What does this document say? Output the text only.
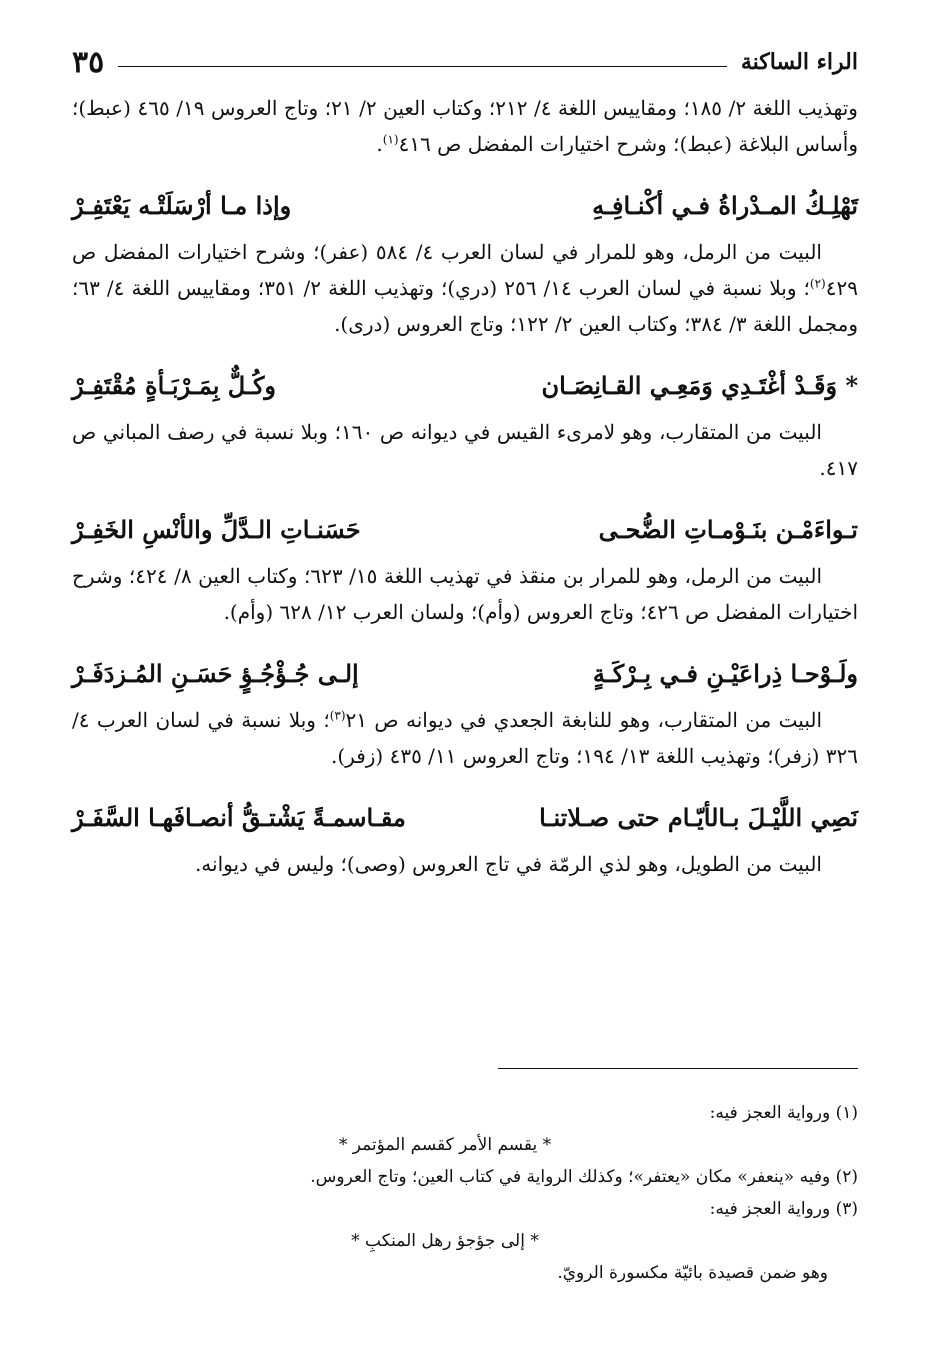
الراء الساكنة
٣٥

وتهذيب اللغة ٢/ ١٨٥؛ ومقاييس اللغة ٤/ ٢١٢؛ وكتاب العين ٢/ ٢١؛ وتاج العروس ١٩/ ٤٦٥ (عبط)؛ وأساس البلاغة (عبط)؛ وشرح اختيارات المفضل ص ٤١٦$^{(١)}$.

تَهْلِـكُ المـدْراةُ فـي أكْنـافِـهِ
وإذا مـا أرْسَلَتْـه يَعْتَفِـرْ

البيت من الرمل، وهو للمرار في لسان العرب ٤/ ٥٨٤ (عفر)؛ وشرح اختيارات المفضل ص ٤٢٩$^{(٢)}$؛ وبلا نسبة في لسان العرب ١٤/ ٢٥٦ (دري)؛ وتهذيب اللغة ٢/ ٣٥١؛ ومقاييس اللغة ٤/ ٦٣؛ ومجمل اللغة ٣/ ٣٨٤؛ وكتاب العين ٢/ ١٢٢؛ وتاج العروس (درى).

* وَقَـدْ أغْتَـدِي وَمَعِـي القـانِصَـان
وكُـلٌّ بِمَـرْبَـأةٍ مُقْتَفِـرْ

البيت من المتقارب، وهو لامرىء القيس في ديوانه ص ١٦٠؛ وبلا نسبة في رصف المباني ص ٤١٧.

تـواءَمْـن بنَـوْمـاتِ الضُّحـى
حَسَنـاتِ الـدَّلِّ والأنْسِ الخَفِـرْ

البيت من الرمل، وهو للمرار بن منقذ في تهذيب اللغة ١٥/ ٦٢٣؛ وكتاب العين ٨/ ٤٢٤؛ وشرح اختيارات المفضل ص ٤٢٦؛ وتاج العروس (وأم)؛ ولسان العرب ١٢/ ٦٢٨ (وأم).

ولَـوْحـا ذِراعَيْـنِ فـي بِـرْكَـةٍ
إلـى جُـؤْجُـؤٍ حَسَـنِ المُـزدَفَـرْ

البيت من المتقارب، وهو للنابغة الجعدي في ديوانه ص ٢١$^{(٣)}$؛ وبلا نسبة في لسان العرب ٤/ ٣٢٦ (زفر)؛ وتهذيب اللغة ١٣/ ١٩٤؛ وتاج العروس ١١/ ٤٣٥ (زفر).

نَصِي اللَّيْـلَ بـالأيّـام حتى صـلاتنـا
مقـاسمـةً يَشْتـقُّ أنصـافَهـا السَّفَـرْ

البيت من الطويل، وهو لذي الرمّة في تاج العروس (وصى)؛ وليس في ديوانه.

(١) ورواية العجز فيه:

* يقسم الأمر كقسم المؤتمر *

(٢) وفيه «ينعفر» مكان «يعتفر»؛ وكذلك الرواية في كتاب العين؛ وتاج العروس.

(٣) ورواية العجز فيه:

* إلى جؤجؤ رهل المنكبِ *

وهو ضمن قصيدة بائيّة مكسورة الرويّ.
